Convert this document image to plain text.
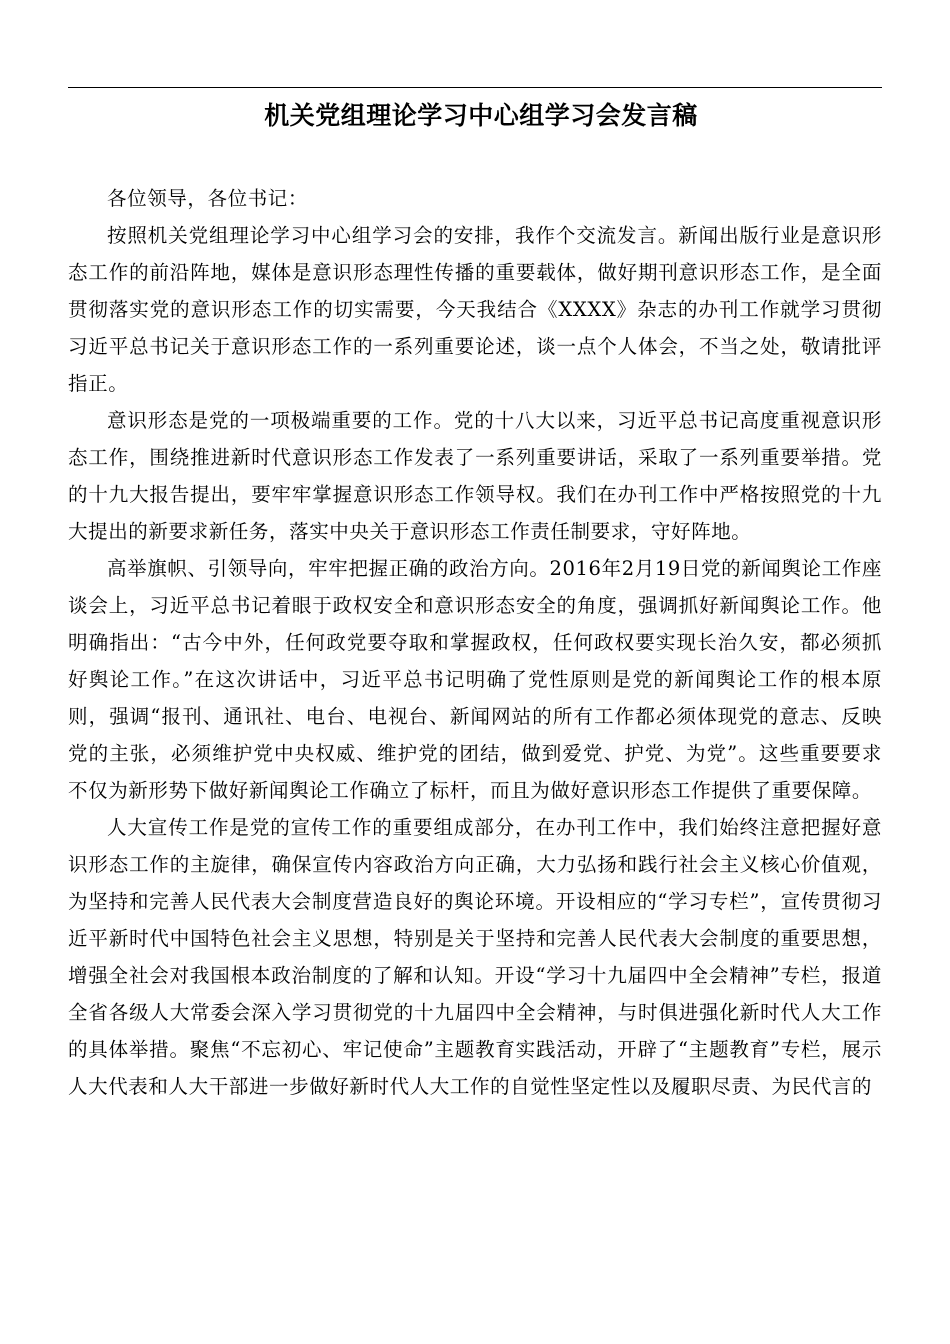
机关党组理论学习中心组学习会发言稿

各位领导，各位书记：

按照机关党组理论学习中心组学习会的安排，我作个交流发言。新闻出版行业是意识形态工作的前沿阵地，媒体是意识形态理性传播的重要载体，做好期刊意识形态工作，是全面贯彻落实党的意识形态工作的切实需要，今天我结合《XXXX》杂志的办刊工作就学习贯彻习近平总书记关于意识形态工作的一系列重要论述，谈一点个人体会，不当之处，敬请批评指正。

意识形态是党的一项极端重要的工作。党的十八大以来，习近平总书记高度重视意识形态工作，围绕推进新时代意识形态工作发表了一系列重要讲话，采取了一系列重要举措。党的十九大报告提出，要牢牢掌握意识形态工作领导权。我们在办刊工作中严格按照党的十九大提出的新要求新任务，落实中央关于意识形态工作责任制要求，守好阵地。

高举旗帜、引领导向，牢牢把握正确的政治方向。2016年2月19日党的新闻舆论工作座谈会上，习近平总书记着眼于政权安全和意识形态安全的角度，强调抓好新闻舆论工作。他明确指出：“古今中外，任何政党要夺取和掌握政权，任何政权要实现长治久安，都必须抓好舆论工作。”在这次讲话中，习近平总书记明确了党性原则是党的新闻舆论工作的根本原则，强调“报刊、通讯社、电台、电视台、新闻网站的所有工作都必须体现党的意志、反映党的主张，必须维护党中央权威、维护党的团结，做到爱党、护党、为党”。这些重要要求不仅为新形势下做好新闻舆论工作确立了标杆，而且为做好意识形态工作提供了重要保障。

人大宣传工作是党的宣传工作的重要组成部分，在办刊工作中，我们始终注意把握好意识形态工作的主旋律，确保宣传内容政治方向正确，大力弘扬和践行社会主义核心价值观，为坚持和完善人民代表大会制度营造良好的舆论环境。开设相应的“学习专栏”，宣传贯彻习近平新时代中国特色社会主义思想，特别是关于坚持和完善人民代表大会制度的重要思想，增强全社会对我国根本政治制度的了解和认知。开设“学习十九届四中全会精神”专栏，报道全省各级人大常委会深入学习贯彻党的十九届四中全会精神，与时俱进强化新时代人大工作的具体举措。聚焦“不忘初心、牢记使命”主题教育实践活动，开辟了“主题教育”专栏，展示人大代表和人大干部进一步做好新时代人大工作的自觉性坚定性以及履职尽责、为民代言的
